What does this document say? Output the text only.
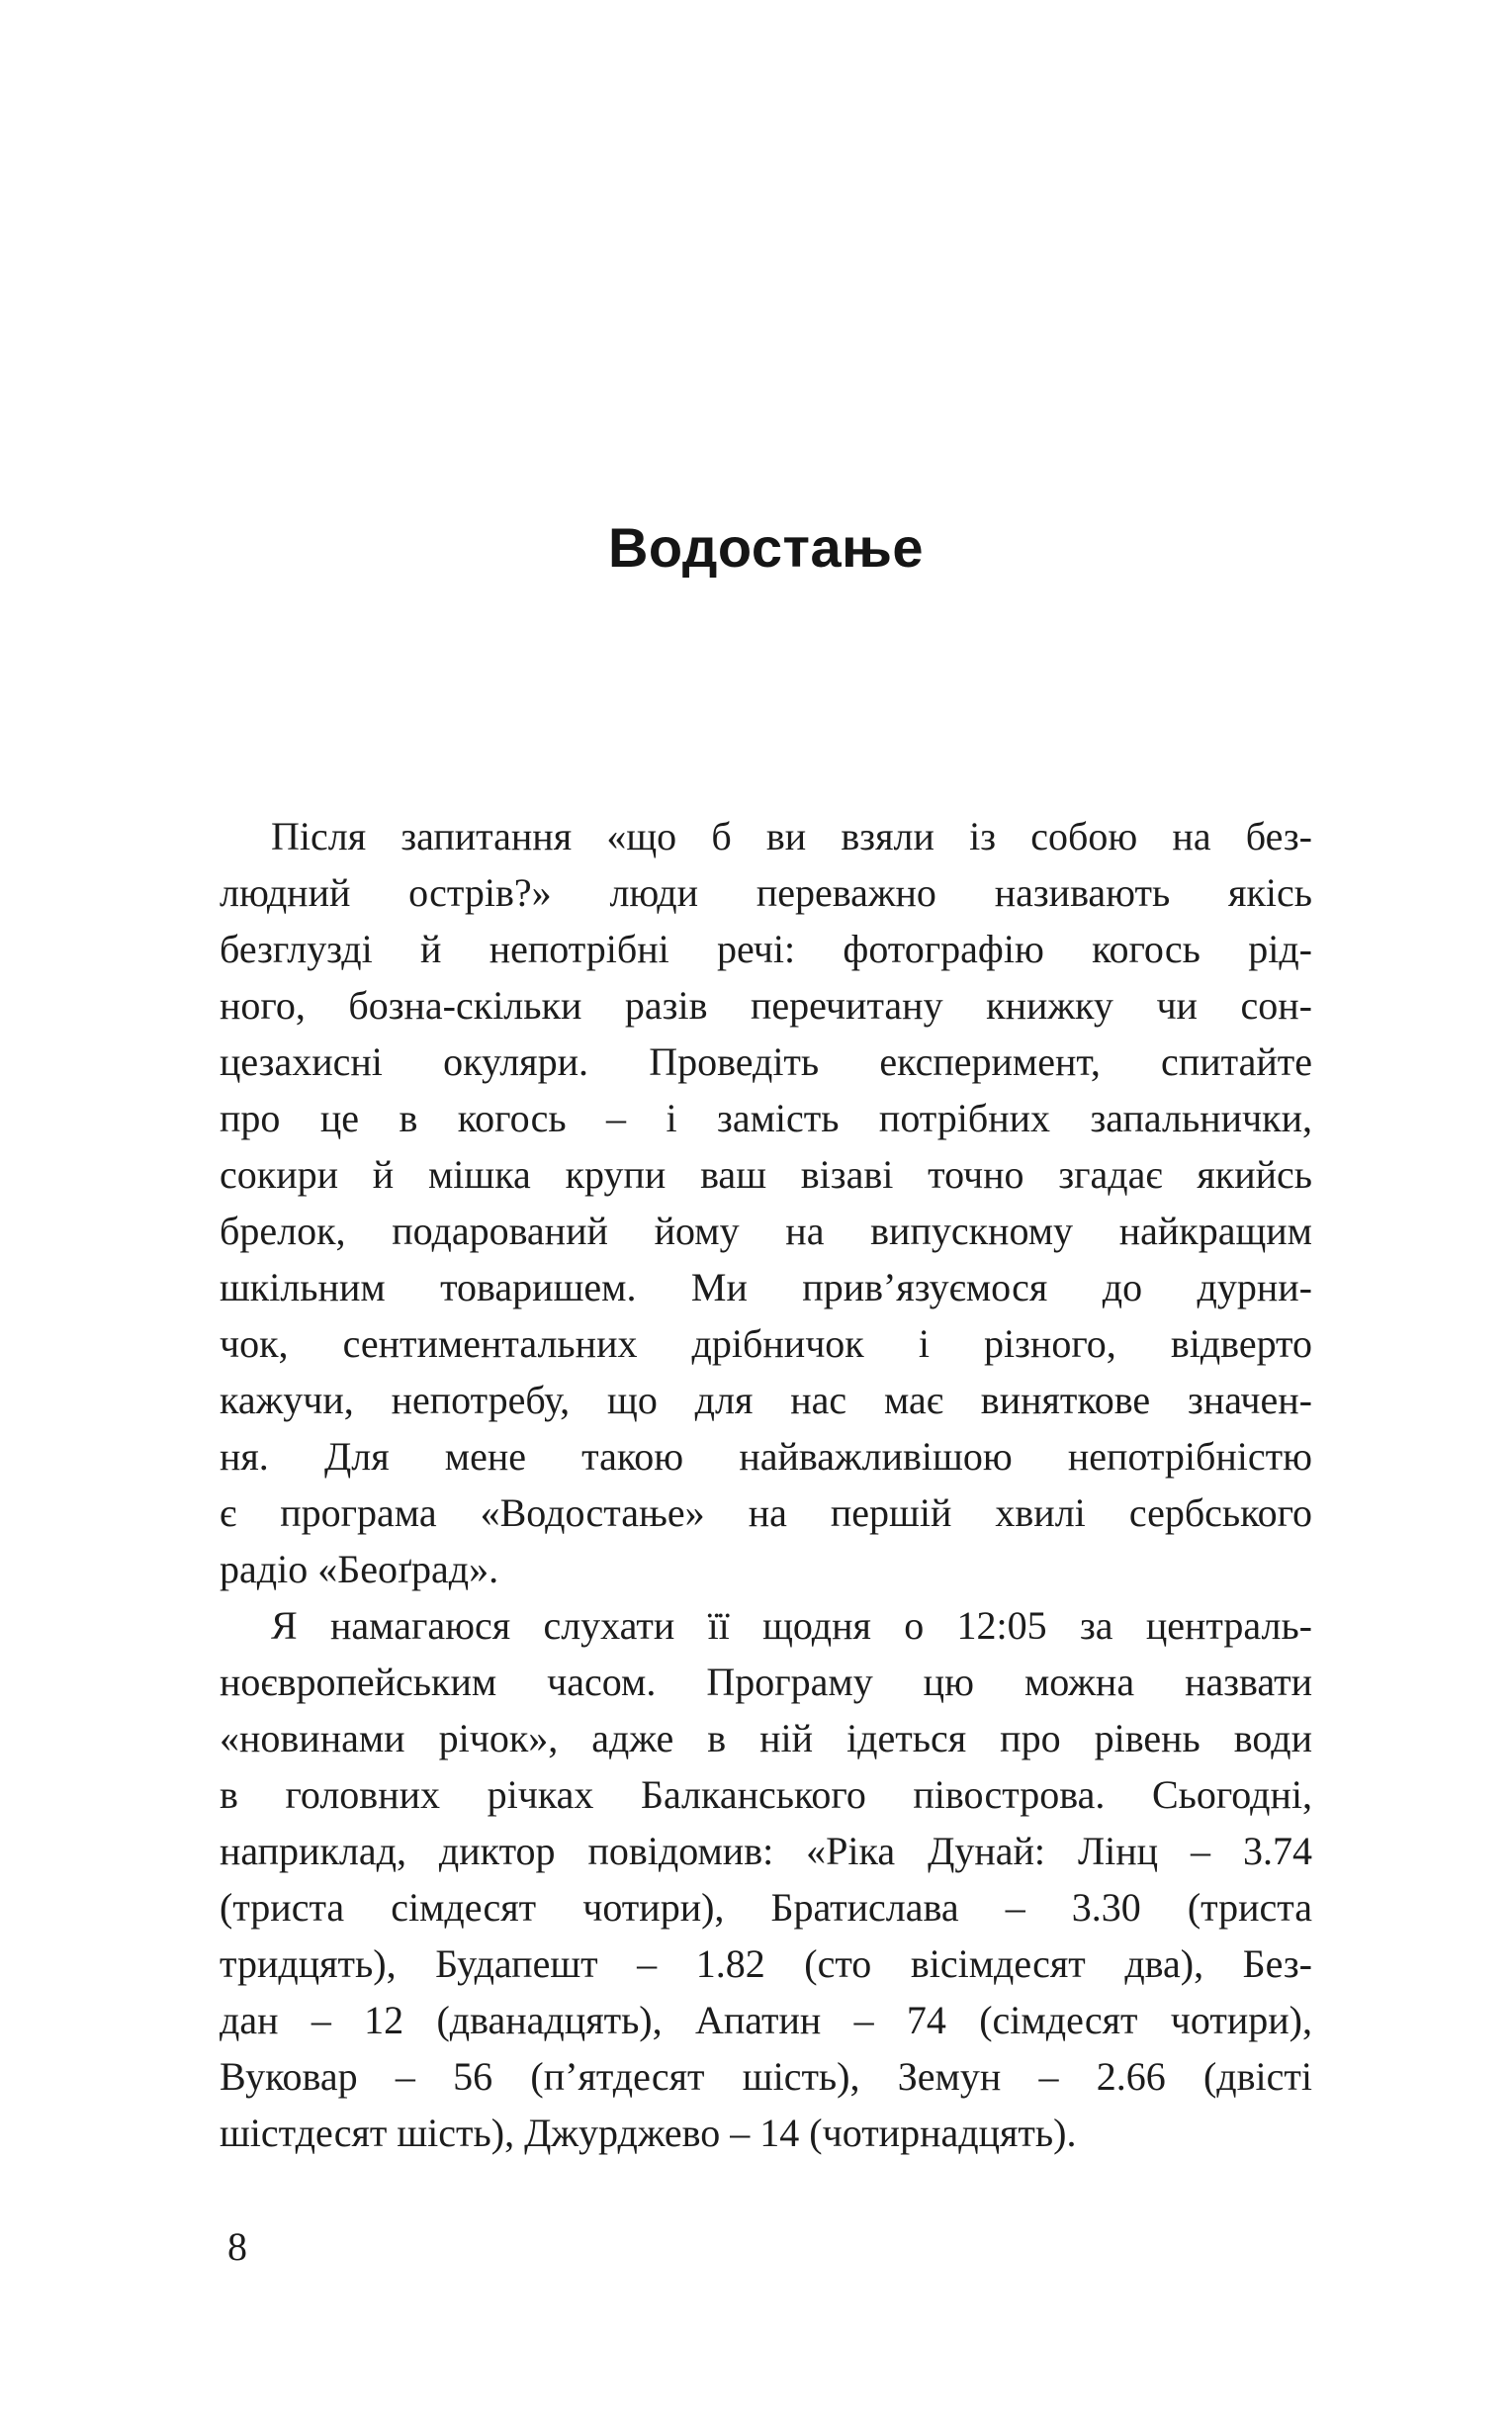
Водостање
Після запитання «що б ви взяли із собою на без-
людний острів?» люди переважно називають якісь
безглузді й непотрібні речі: фотографію когось рід-
ного, бозна-скільки разів перечитану книжку чи сон-
цезахисні окуляри. Проведіть експеримент, спитайте
про це в когось – і замість потрібних запальнички,
сокири й мішка крупи ваш візаві точно згадає якийсь
брелок, подарований йому на випускному найкращим
шкільним товаришем. Ми прив’язуємося до дурни-
чок, сентиментальних дрібничок і різного, відверто
кажучи, непотребу, що для нас має виняткове значен-
ня. Для мене такою найважливішою непотрібністю
є програма «Водостање» на першій хвилі сербського
радіо «Беоґрад».
Я намагаюся слухати її щодня о 12:05 за централь-
ноєвропейським часом. Програму цю можна назвати
«новинами річок», адже в ній ідеться про рівень води
в головних річках Балканського півострова. Сьогодні,
наприклад, диктор повідомив: «Ріка Дунай: Лінц – 3.74
(триста сімдесят чотири), Братислава – 3.30 (триста
тридцять), Будапешт – 1.82 (сто вісімдесят два), Без-
дан – 12 (дванадцять), Апатин – 74 (сімдесят чотири),
Вуковар – 56 (п’ятдесят шість), Земун – 2.66 (двісті
шістдесят шість), Джурджево – 14 (чотирнадцять).
8
